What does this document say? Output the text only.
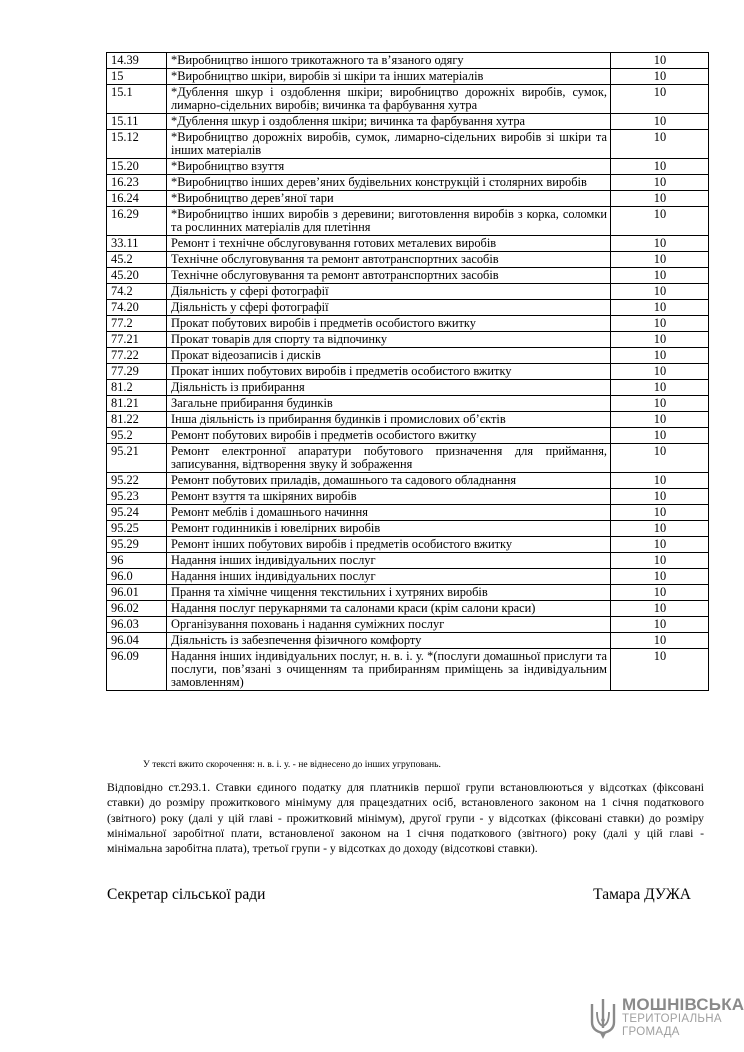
14.39	*Виробництво іншого трикотажного та в’язаного одягу	10
15	*Виробництво шкіри, виробів зі шкіри та інших матеріалів	10
15.1	*Дублення шкур і оздоблення шкіри; виробництво дорожніх виробів, сумок, лимарно-сідельних виробів; вичинка та фарбування хутра	10
15.11	*Дублення шкур і оздоблення шкіри; вичинка та фарбування хутра	10
15.12	*Виробництво дорожніх виробів, сумок, лимарно-сідельних виробів зі шкіри та інших матеріалів	10
15.20	*Виробництво взуття	10
16.23	*Виробництво інших дерев’яних будівельних конструкцій і столярних виробів	10
16.24	*Виробництво дерев’яної тари	10
16.29	*Виробництво інших виробів з деревини; виготовлення виробів з корка, соломки та рослинних матеріалів для плетіння	10
33.11	Ремонт і технічне обслуговування готових металевих виробів	10
45.2	Технічне обслуговування та ремонт автотранспортних засобів	10
45.20	Технічне обслуговування та ремонт автотранспортних засобів	10
74.2	Діяльність у сфері фотографії	10
74.20	Діяльність у сфері фотографії	10
77.2	Прокат побутових виробів і предметів особистого вжитку	10
77.21	Прокат товарів для спорту та відпочинку	10
77.22	Прокат відеозаписів і дисків	10
77.29	Прокат інших побутових виробів і предметів особистого вжитку	10
81.2	Діяльність із прибирання	10
81.21	Загальне прибирання будинків	10
81.22	Інша діяльність із прибирання будинків і промислових об’єктів	10
95.2	Ремонт побутових виробів і предметів особистого вжитку	10
95.21	Ремонт електронної апаратури побутового призначення для приймання, записування, відтворення звуку й зображення	10
95.22	Ремонт побутових приладів, домашнього та садового обладнання	10
95.23	Ремонт взуття та шкіряних виробів	10
95.24	Ремонт меблів і домашнього начиння	10
95.25	Ремонт годинників і ювелірних виробів	10
95.29	Ремонт інших побутових виробів і предметів особистого вжитку	10
96	Надання інших індивідуальних послуг	10
96.0	Надання інших індивідуальних послуг	10
96.01	Прання та хімічне чищення текстильних і хутряних виробів	10
96.02	Надання послуг перукарнями та салонами краси (крім салони краси)	10
96.03	Організування поховань і надання суміжних послуг	10
96.04	Діяльність із забезпечення фізичного комфорту	10
96.09	Надання інших індивідуальних послуг, н. в. і. у. *(послуги домашньої прислуги та послуги, пов’язані з очищенням та прибиранням приміщень за індивідуальним замовленням)	10
У тексті вжито скорочення: н. в. і. у. - не віднесено до інших угруповань.
Відповідно ст.293.1. Ставки єдиного податку для платників першої групи встановлюються у відсотках (фіксовані ставки) до розміру прожиткового мінімуму для працездатних осіб, встановленого законом на 1 січня податкового (звітного) року (далі у цій главі - прожитковий мінімум), другої групи - у відсотках (фіксовані ставки) до розміру мінімальної заробітної плати, встановленої законом на 1 січня податкового (звітного) року (далі у цій главі - мінімальна заробітна плата), третьої групи - у відсотках до доходу (відсоткові ставки).
Секретар сільської ради	Тамара ДУЖА
МОШНІВСЬКА
ТЕРИТОРІАЛЬНА
ГРОМАДА
